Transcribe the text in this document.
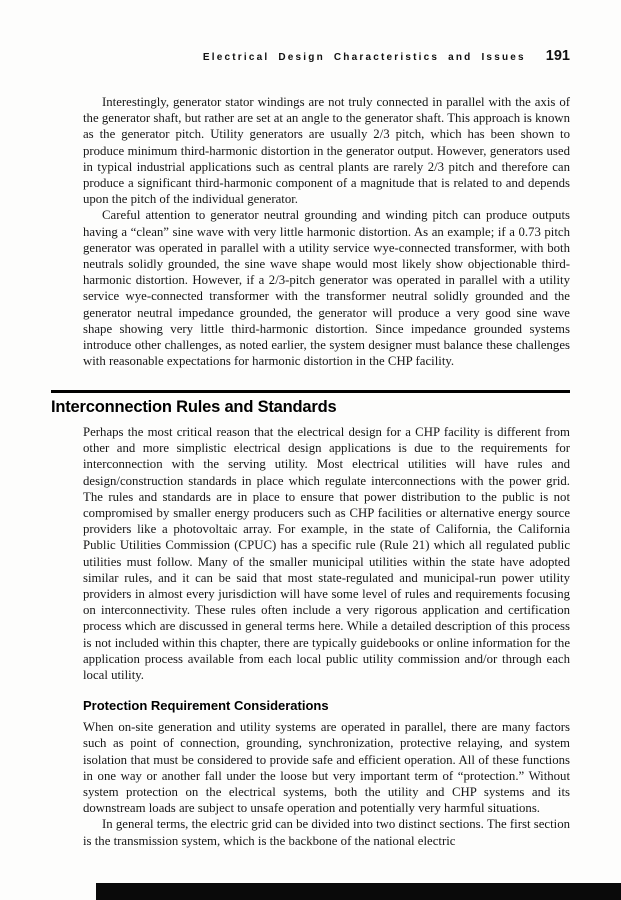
Electrical Design Characteristics and Issues 191

Interestingly, generator stator windings are not truly connected in parallel with the axis of the generator shaft, but rather are set at an angle to the generator shaft. This approach is known as the generator pitch. Utility generators are usually 2/3 pitch, which has been shown to produce minimum third-harmonic distortion in the generator output. However, generators used in typical industrial applications such as central plants are rarely 2/3 pitch and therefore can produce a significant third-harmonic component of a magnitude that is related to and depends upon the pitch of the individual generator.

Careful attention to generator neutral grounding and winding pitch can produce outputs having a “clean” sine wave with very little harmonic distortion. As an example; if a 0.73 pitch generator was operated in parallel with a utility service wye-connected transformer, with both neutrals solidly grounded, the sine wave shape would most likely show objectionable third-harmonic distortion. However, if a 2/3-pitch generator was operated in parallel with a utility service wye-connected transformer with the transformer neutral solidly grounded and the generator neutral impedance grounded, the generator will produce a very good sine wave shape showing very little third-harmonic distortion. Since impedance grounded systems introduce other challenges, as noted earlier, the system designer must balance these challenges with reasonable expectations for harmonic distortion in the CHP facility.

Interconnection Rules and Standards

Perhaps the most critical reason that the electrical design for a CHP facility is different from other and more simplistic electrical design applications is due to the requirements for interconnection with the serving utility. Most electrical utilities will have rules and design/construction standards in place which regulate interconnections with the power grid. The rules and standards are in place to ensure that power distribution to the public is not compromised by smaller energy producers such as CHP facilities or alternative energy source providers like a photovoltaic array. For example, in the state of California, the California Public Utilities Commission (CPUC) has a specific rule (Rule 21) which all regulated public utilities must follow. Many of the smaller municipal utilities within the state have adopted similar rules, and it can be said that most state-regulated and municipal-run power utility providers in almost every jurisdiction will have some level of rules and requirements focusing on interconnectivity. These rules often include a very rigorous application and certification process which are discussed in general terms here. While a detailed description of this process is not included within this chapter, there are typically guidebooks or online information for the application process available from each local public utility commission and/or through each local utility.

Protection Requirement Considerations

When on-site generation and utility systems are operated in parallel, there are many factors such as point of connection, grounding, synchronization, protective relaying, and system isolation that must be considered to provide safe and efficient operation. All of these functions in one way or another fall under the loose but very important term of “protection.” Without system protection on the electrical systems, both the utility and CHP systems and its downstream loads are subject to unsafe operation and potentially very harmful situations.

In general terms, the electric grid can be divided into two distinct sections. The first section is the transmission system, which is the backbone of the national electric
